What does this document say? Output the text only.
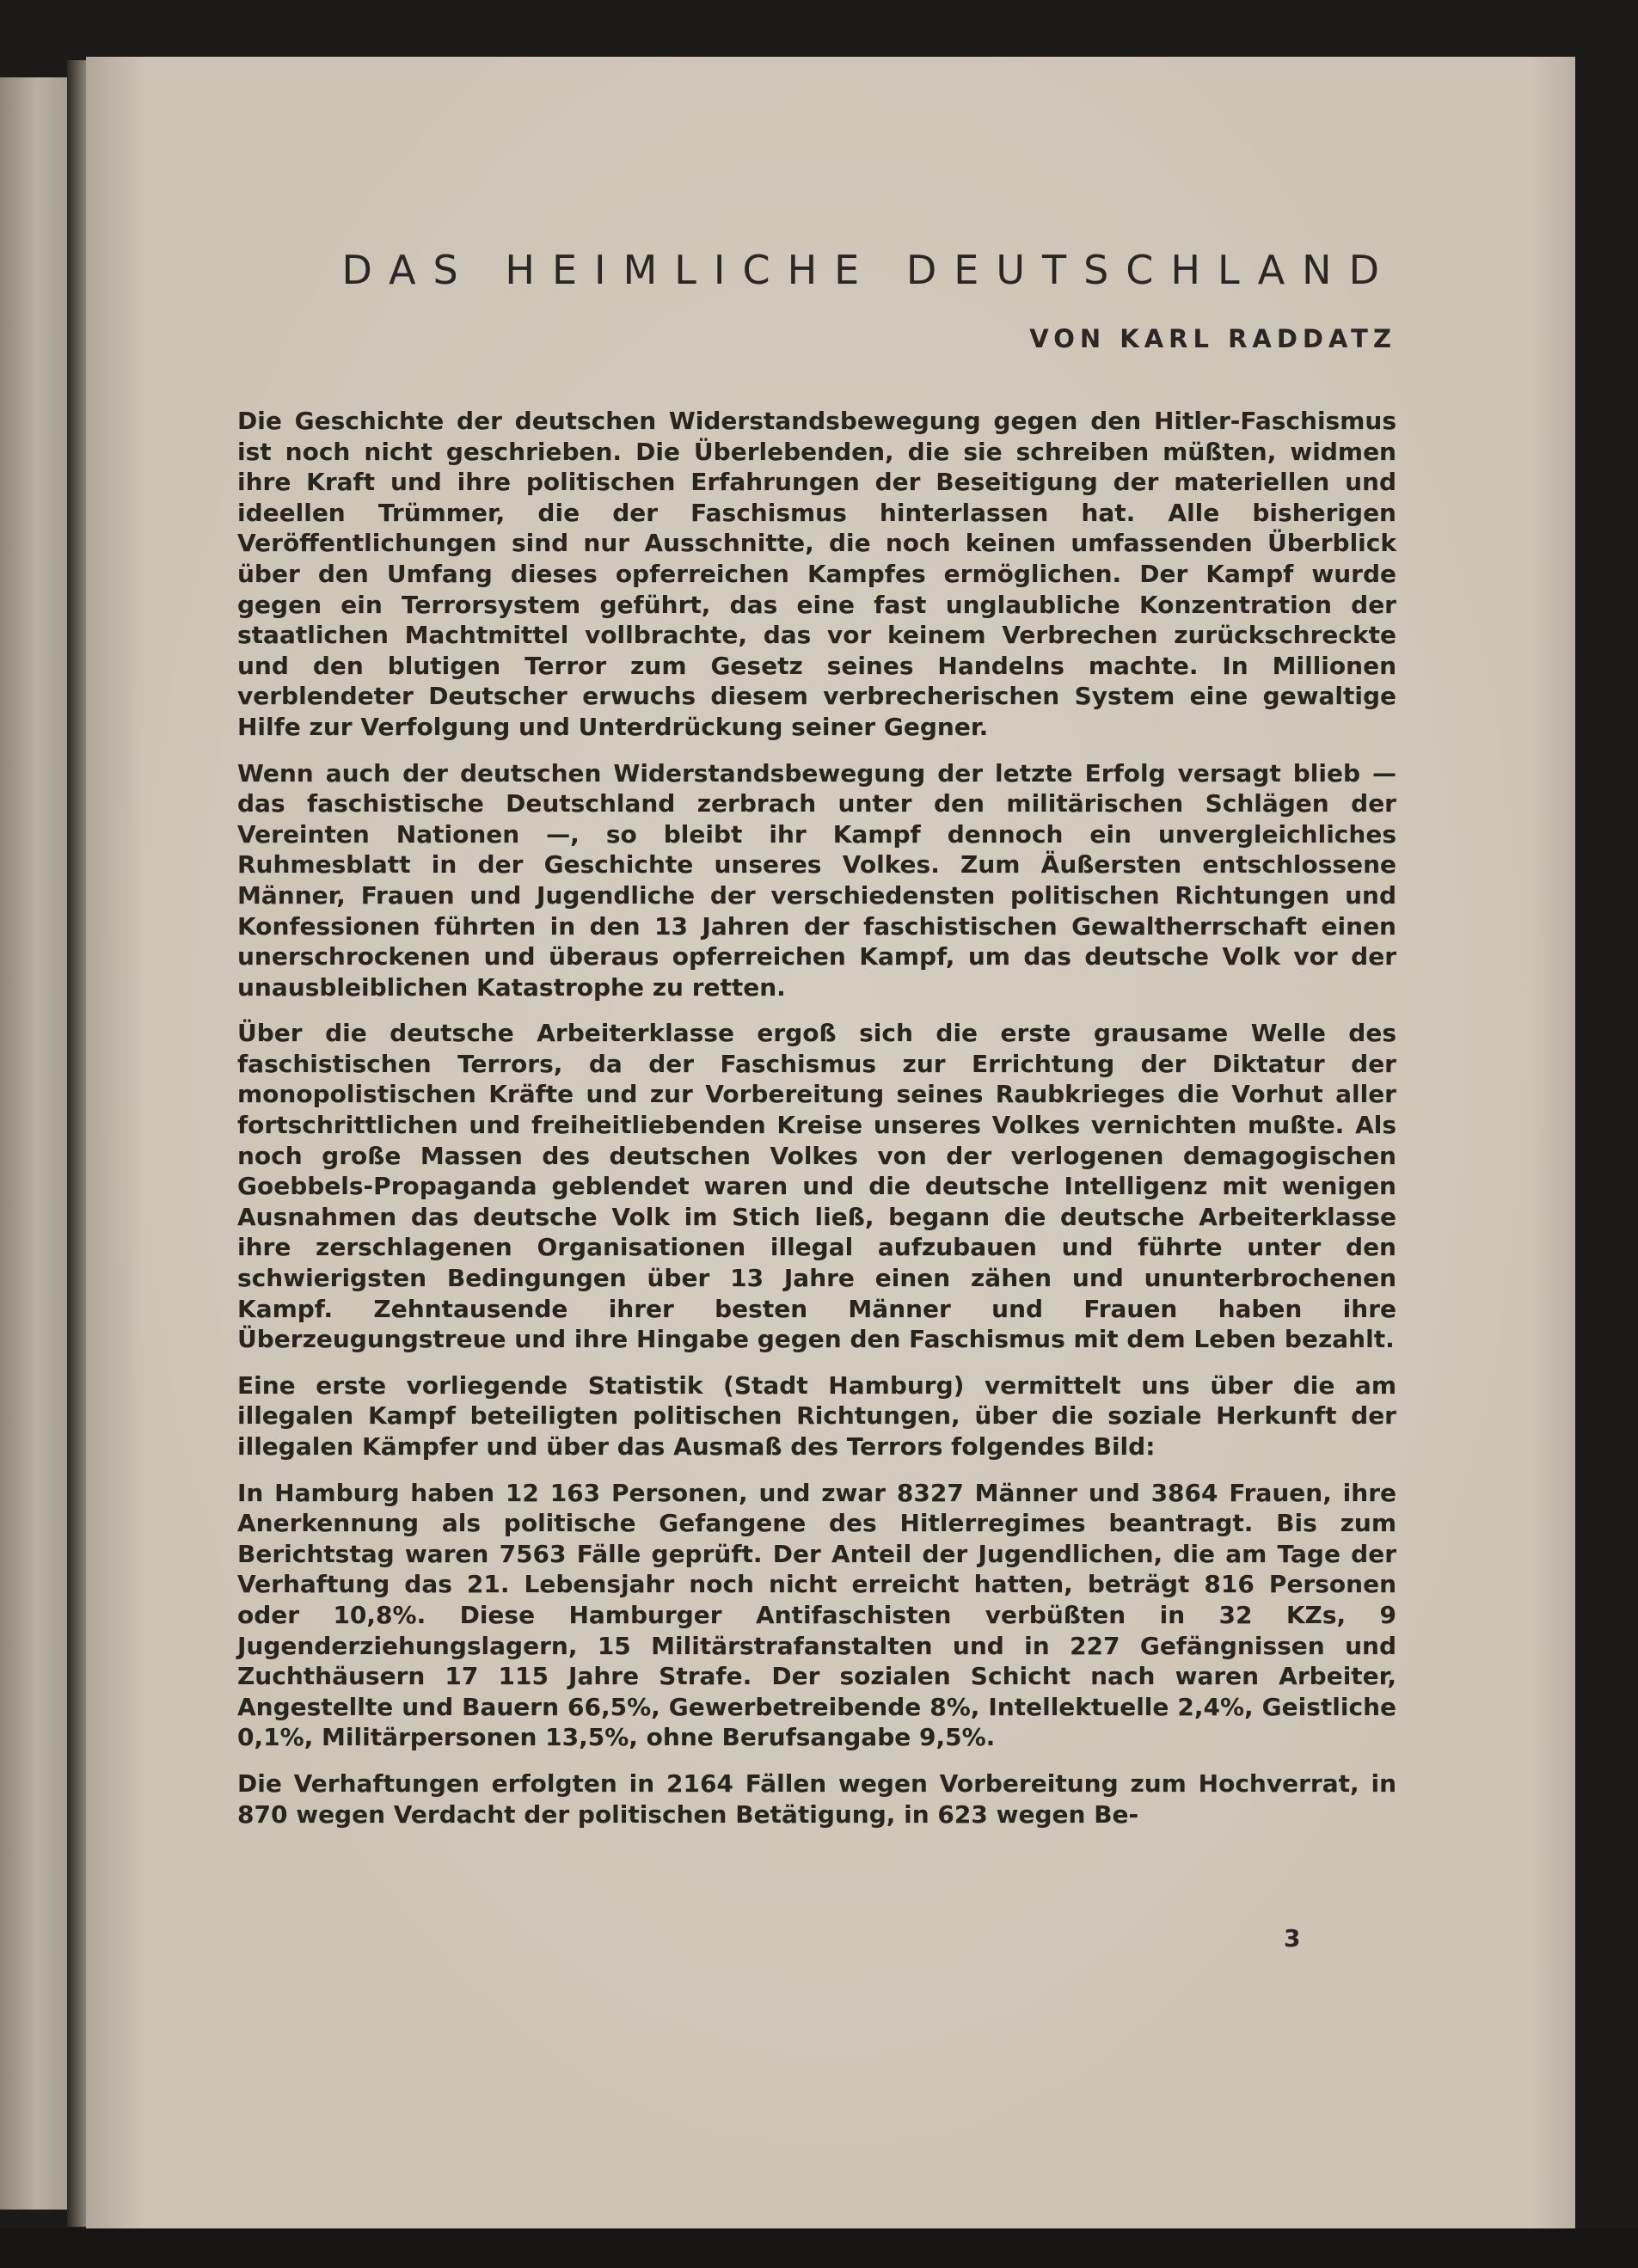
DAS HEIMLICHE DEUTSCHLAND
VON KARL RADDATZ

Die Geschichte der deutschen Widerstandsbewegung gegen den Hitler-Faschismus ist noch nicht geschrieben. Die Überlebenden, die sie schreiben müßten, widmen ihre Kraft und ihre politischen Erfahrungen der Beseitigung der materiellen und ideellen Trümmer, die der Faschismus hinterlassen hat. Alle bisherigen Veröffentlichungen sind nur Ausschnitte, die noch keinen umfassenden Überblick über den Umfang dieses opferreichen Kampfes ermöglichen. Der Kampf wurde gegen ein Terrorsystem geführt, das eine fast unglaubliche Konzentration der staatlichen Machtmittel vollbrachte, das vor keinem Verbrechen zurückschreckte und den blutigen Terror zum Gesetz seines Handelns machte. In Millionen verblendeter Deutscher erwuchs diesem verbrecherischen System eine gewaltige Hilfe zur Verfolgung und Unterdrückung seiner Gegner.

Wenn auch der deutschen Widerstandsbewegung der letzte Erfolg versagt blieb — das faschistische Deutschland zerbrach unter den militärischen Schlägen der Vereinten Nationen —, so bleibt ihr Kampf dennoch ein unvergleichliches Ruhmesblatt in der Geschichte unseres Volkes. Zum Äußersten entschlossene Männer, Frauen und Jugendliche der verschiedensten politischen Richtungen und Konfessionen führten in den 13 Jahren der faschistischen Gewaltherrschaft einen unerschrockenen und überaus opferreichen Kampf, um das deutsche Volk vor der unausbleiblichen Katastrophe zu retten.

Über die deutsche Arbeiterklasse ergoß sich die erste grausame Welle des faschistischen Terrors, da der Faschismus zur Errichtung der Diktatur der monopolistischen Kräfte und zur Vorbereitung seines Raubkrieges die Vorhut aller fortschrittlichen und freiheitliebenden Kreise unseres Volkes vernichten mußte. Als noch große Massen des deutschen Volkes von der verlogenen demagogischen Goebbels-Propaganda geblendet waren und die deutsche Intelligenz mit wenigen Ausnahmen das deutsche Volk im Stich ließ, begann die deutsche Arbeiterklasse ihre zerschlagenen Organisationen illegal aufzubauen und führte unter den schwierigsten Bedingungen über 13 Jahre einen zähen und ununterbrochenen Kampf. Zehntausende ihrer besten Männer und Frauen haben ihre Überzeugungstreue und ihre Hingabe gegen den Faschismus mit dem Leben bezahlt.

Eine erste vorliegende Statistik (Stadt Hamburg) vermittelt uns über die am illegalen Kampf beteiligten politischen Richtungen, über die soziale Herkunft der illegalen Kämpfer und über das Ausmaß des Terrors folgendes Bild:

In Hamburg haben 12 163 Personen, und zwar 8327 Männer und 3864 Frauen, ihre Anerkennung als politische Gefangene des Hitlerregimes beantragt. Bis zum Berichtstag waren 7563 Fälle geprüft. Der Anteil der Jugendlichen, die am Tage der Verhaftung das 21. Lebensjahr noch nicht erreicht hatten, beträgt 816 Personen oder 10,8%. Diese Hamburger Antifaschisten verbüßten in 32 KZs, 9 Jugenderziehungslagern, 15 Militärstrafanstalten und in 227 Gefängnissen und Zuchthäusern 17 115 Jahre Strafe. Der sozialen Schicht nach waren Arbeiter, Angestellte und Bauern 66,5%, Gewerbetreibende 8%, Intellektuelle 2,4%, Geistliche 0,1%, Militärpersonen 13,5%, ohne Berufsangabe 9,5%.

Die Verhaftungen erfolgten in 2164 Fällen wegen Vorbereitung zum Hochverrat, in 870 wegen Verdacht der politischen Betätigung, in 623 wegen Be-

3
